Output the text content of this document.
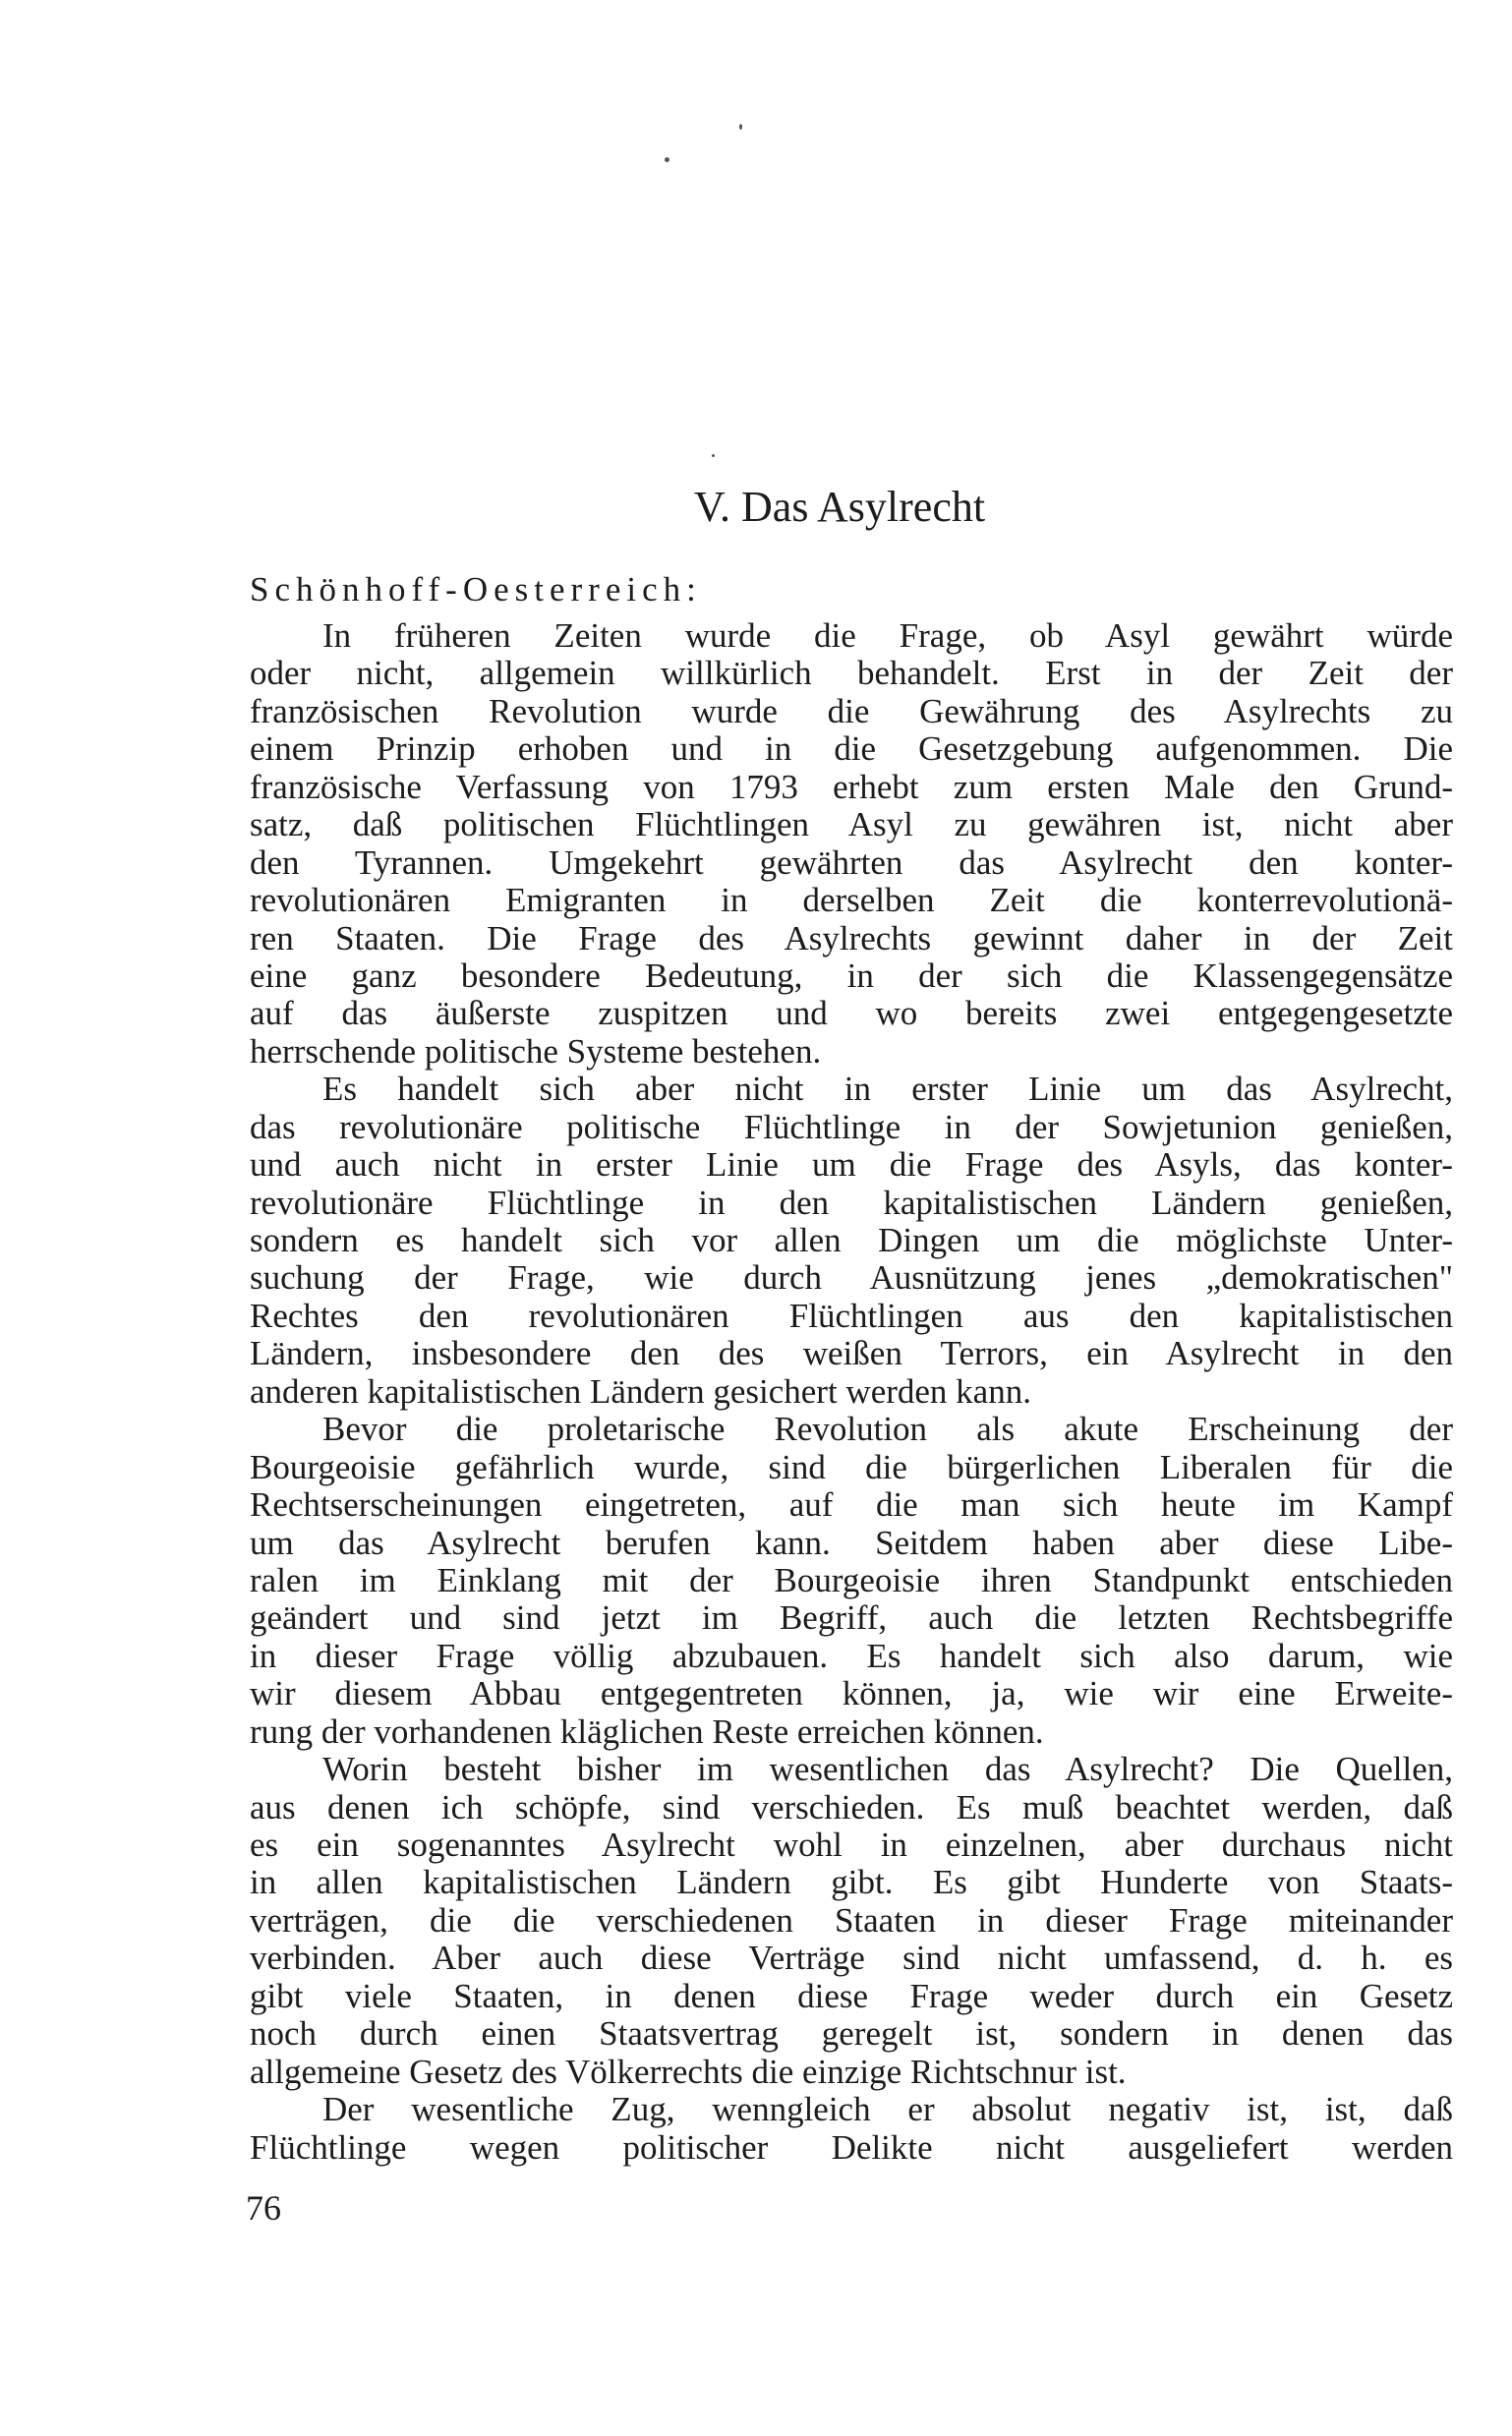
V. Das Asylrecht

Schönhoff-Oesterreich:

In früheren Zeiten wurde die Frage, ob Asyl gewährt würde
oder nicht, allgemein willkürlich behandelt. Erst in der Zeit der
französischen Revolution wurde die Gewährung des Asylrechts zu
einem Prinzip erhoben und in die Gesetzgebung aufgenommen. Die
französische Verfassung von 1793 erhebt zum ersten Male den Grund-
satz, daß politischen Flüchtlingen Asyl zu gewähren ist, nicht aber
den Tyrannen. Umgekehrt gewährten das Asylrecht den konter-
revolutionären Emigranten in derselben Zeit die konterrevolutionä-
ren Staaten. Die Frage des Asylrechts gewinnt daher in der Zeit
eine ganz besondere Bedeutung, in der sich die Klassengegensätze
auf das äußerste zuspitzen und wo bereits zwei entgegengesetzte
herrschende politische Systeme bestehen.
Es handelt sich aber nicht in erster Linie um das Asylrecht,
das revolutionäre politische Flüchtlinge in der Sowjetunion genießen,
und auch nicht in erster Linie um die Frage des Asyls, das konter-
revolutionäre Flüchtlinge in den kapitalistischen Ländern genießen,
sondern es handelt sich vor allen Dingen um die möglichste Unter-
suchung der Frage, wie durch Ausnützung jenes „demokratischen"
Rechtes den revolutionären Flüchtlingen aus den kapitalistischen
Ländern, insbesondere den des weißen Terrors, ein Asylrecht in den
anderen kapitalistischen Ländern gesichert werden kann.
Bevor die proletarische Revolution als akute Erscheinung der
Bourgeoisie gefährlich wurde, sind die bürgerlichen Liberalen für die
Rechtserscheinungen eingetreten, auf die man sich heute im Kampf
um das Asylrecht berufen kann. Seitdem haben aber diese Libe-
ralen im Einklang mit der Bourgeoisie ihren Standpunkt entschieden
geändert und sind jetzt im Begriff, auch die letzten Rechtsbegriffe
in dieser Frage völlig abzubauen. Es handelt sich also darum, wie
wir diesem Abbau entgegentreten können, ja, wie wir eine Erweite-
rung der vorhandenen kläglichen Reste erreichen können.
Worin besteht bisher im wesentlichen das Asylrecht? Die Quellen,
aus denen ich schöpfe, sind verschieden. Es muß beachtet werden, daß
es ein sogenanntes Asylrecht wohl in einzelnen, aber durchaus nicht
in allen kapitalistischen Ländern gibt. Es gibt Hunderte von Staats-
verträgen, die die verschiedenen Staaten in dieser Frage miteinander
verbinden. Aber auch diese Verträge sind nicht umfassend, d. h. es
gibt viele Staaten, in denen diese Frage weder durch ein Gesetz
noch durch einen Staatsvertrag geregelt ist, sondern in denen das
allgemeine Gesetz des Völkerrechts die einzige Richtschnur ist.
Der wesentliche Zug, wenngleich er absolut negativ ist, ist, daß
Flüchtlinge wegen politischer Delikte nicht ausgeliefert werden

76
